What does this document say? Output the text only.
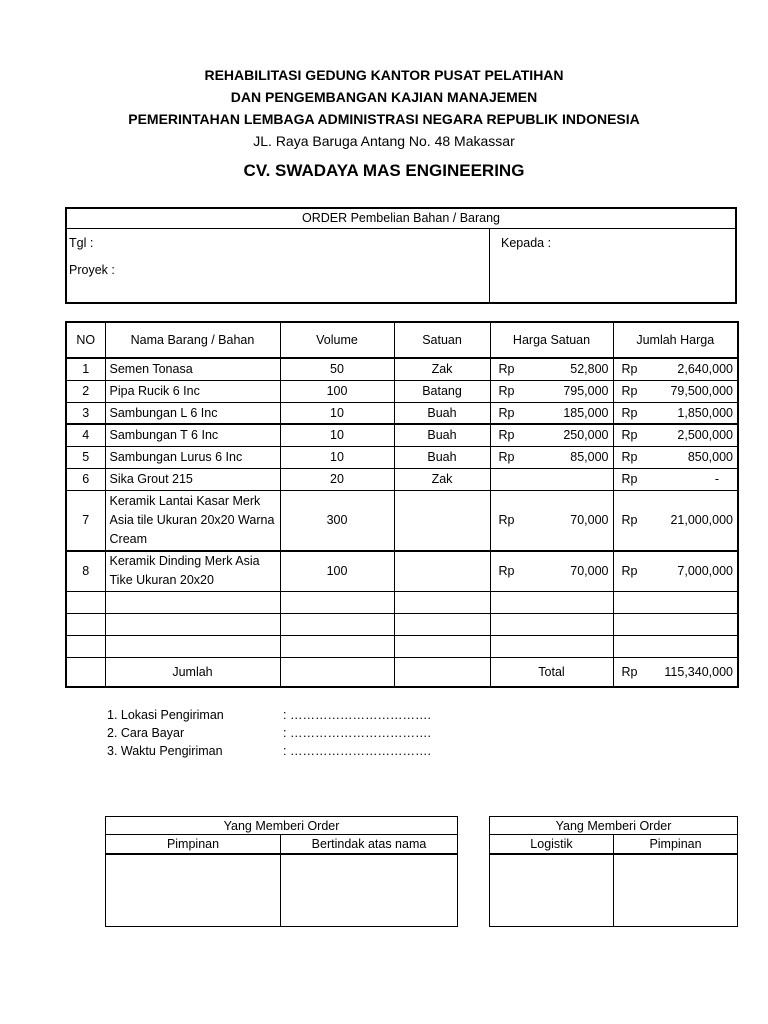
REHABILITASI GEDUNG KANTOR PUSAT PELATIHAN
DAN PENGEMBANGAN KAJIAN MANAJEMEN
PEMERINTAHAN LEMBAGA ADMINISTRASI NEGARA REPUBLIK INDONESIA
JL. Raya Baruga Antang No. 48 Makassar
CV. SWADAYA MAS ENGINEERING
ORDER Pembelian Bahan / Barang
Tgl :
Proyek :
Kepada :
NO	Nama Barang / Bahan	Volume	Satuan	Harga Satuan	Jumlah Harga
1	Semen Tonasa	50	Zak	Rp 52,800	Rp 2,640,000

2	Pipa Rucik 6 Inc	100	Batang	Rp 795,000	Rp 79,500,000

3	Sambungan L 6 Inc	10	Buah	Rp 185,000	Rp 1,850,000

4	Sambungan T 6 Inc	10	Buah	Rp 250,000	Rp 2,500,000

5	Sambungan Lurus 6 Inc	10	Buah	Rp 85,000	Rp 850,000

6	Sika Grout 215	20	Zak		Rp -

7	Keramik Lantai Kasar Merk Asia tile Ukuran 20x20 Warna Cream	300		Rp 70,000	Rp 21,000,000

8	Keramik Dinding Merk Asia Tike Ukuran 20x20	100		Rp 70,000	Rp 7,000,000

	Jumlah			Total	Rp 115,340,000
1. Lokasi Pengiriman	: …………………………….
2. Cara Bayar	: …………………………….
3. Waktu Pengiriman	: …………………………….
Yang Memberi Order	
Pimpinan	Bertindak atas nama

Yang Memberi Order	
Logistik	Pimpinan
